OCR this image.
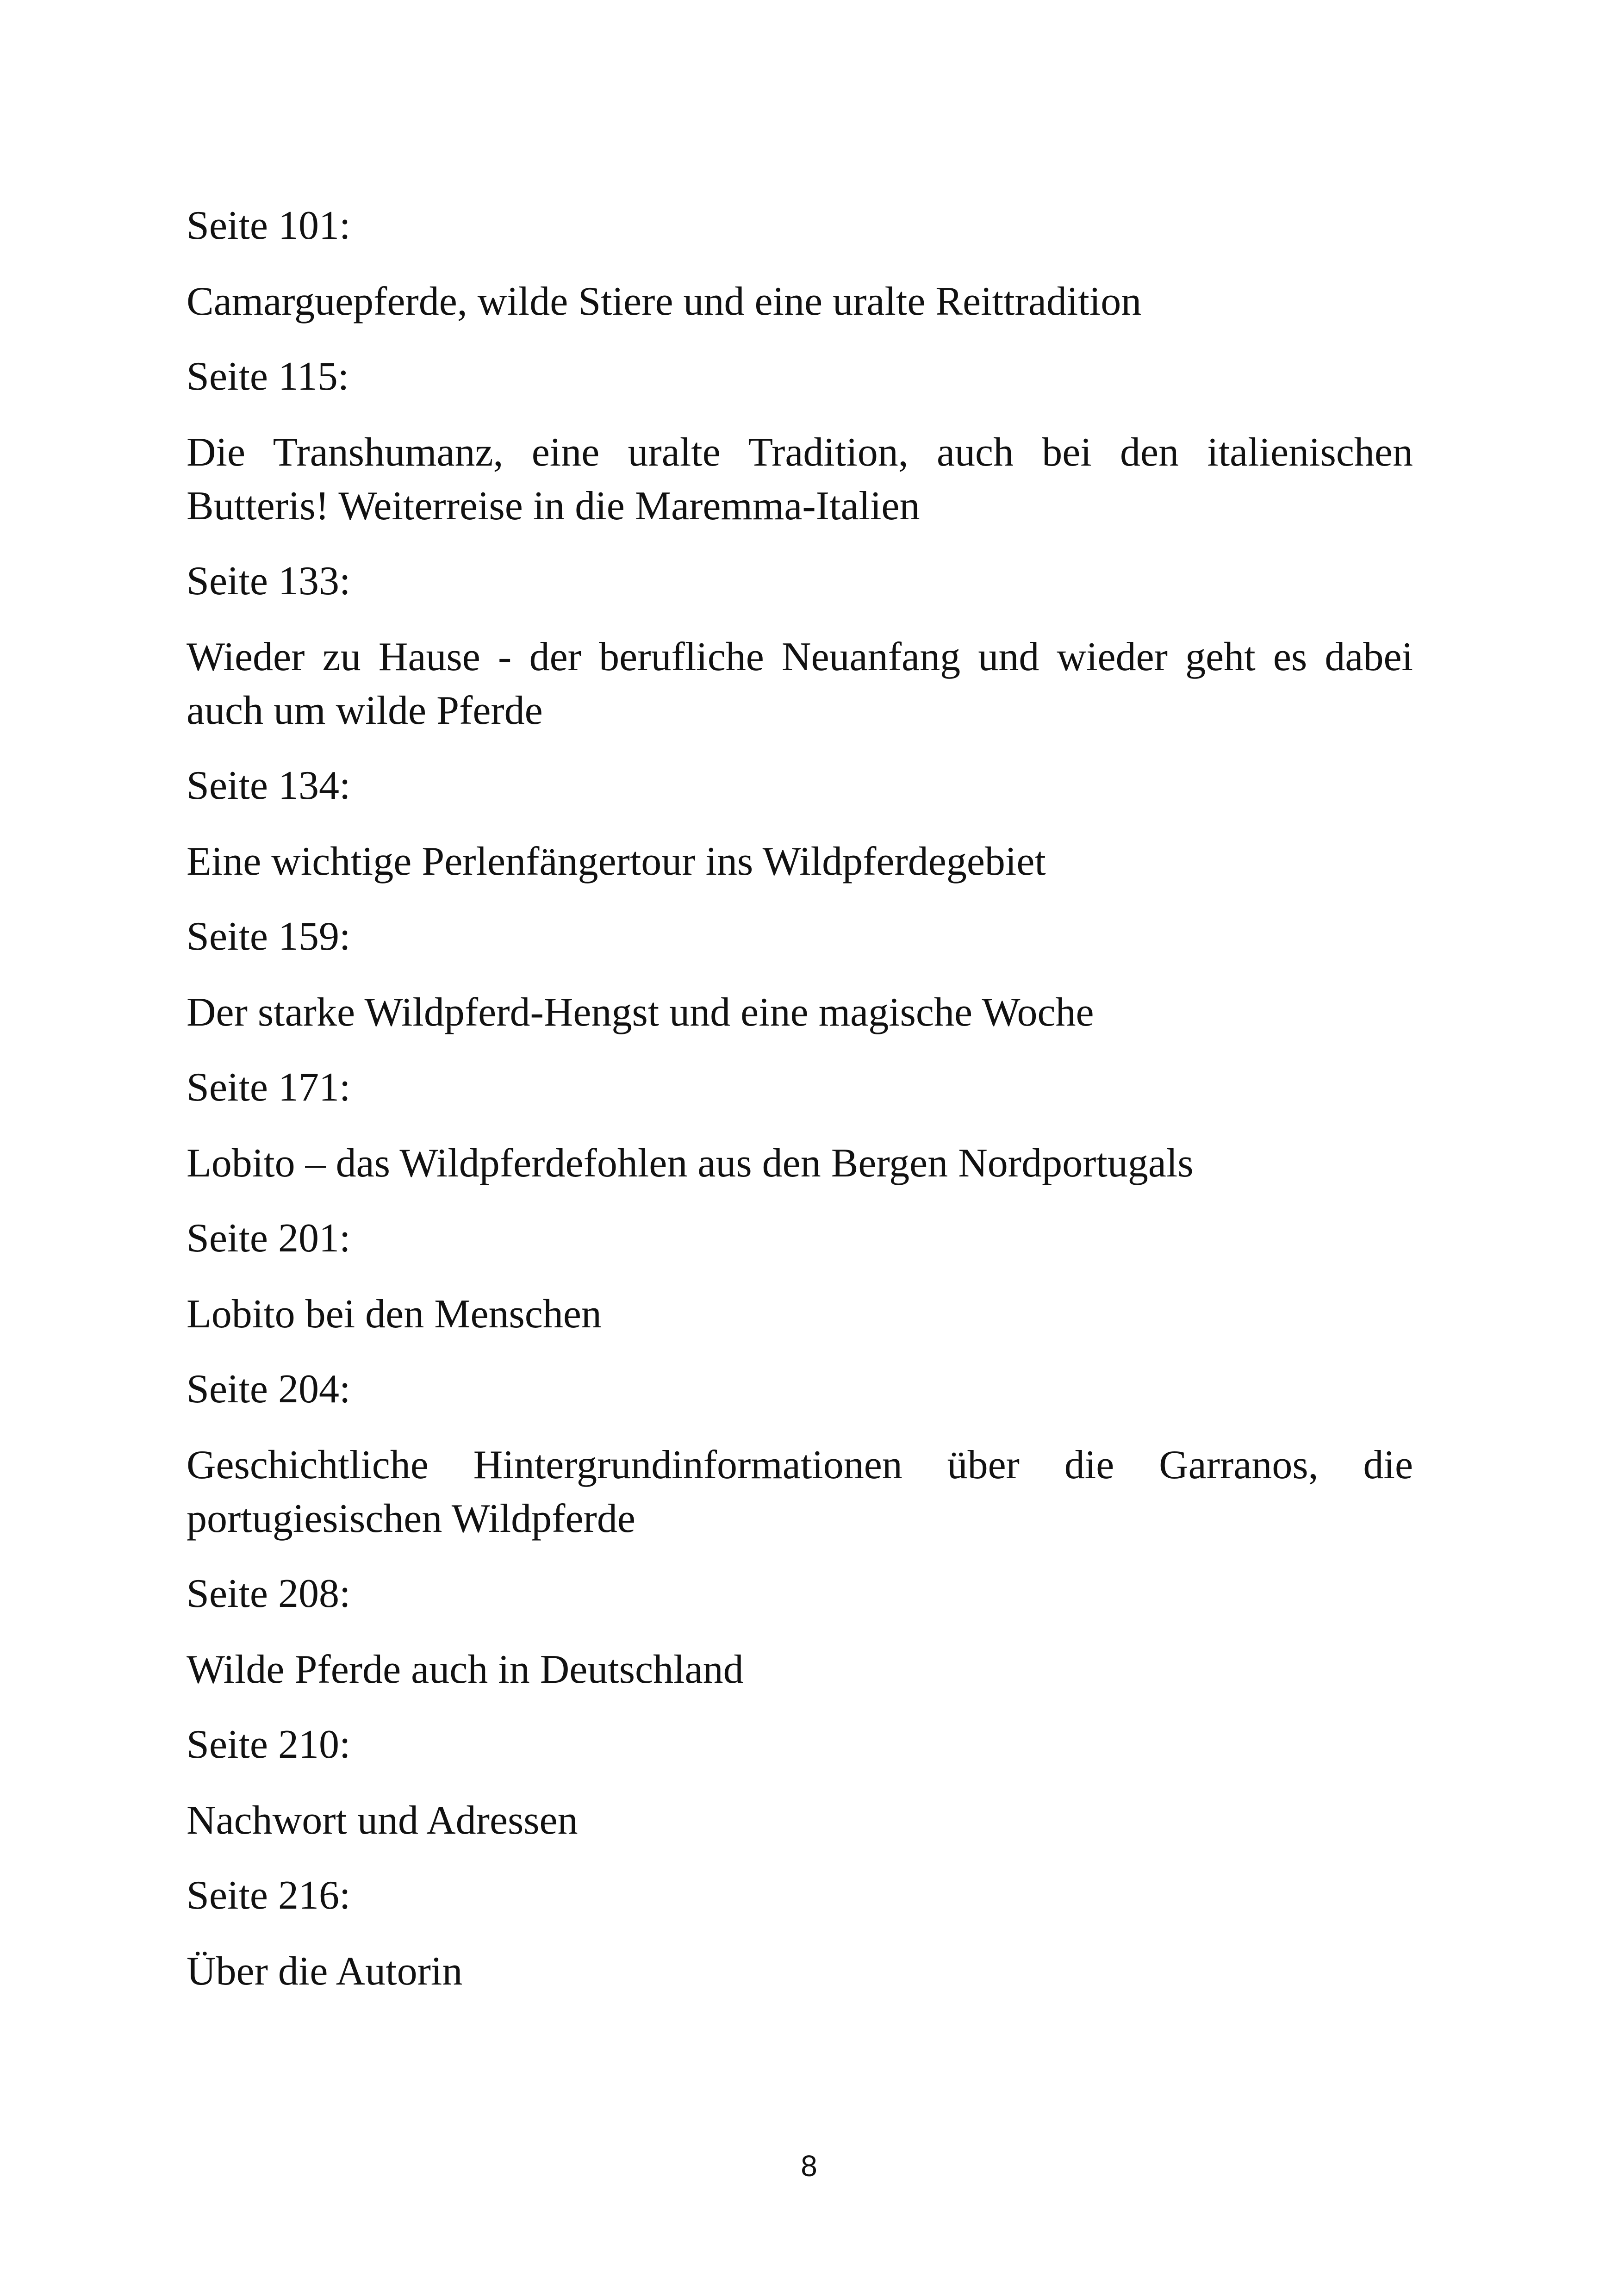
Seite 101:

Camarguepferde, wilde Stiere und eine uralte Reittradition

Seite 115:

Die Transhumanz, eine uralte Tradition, auch bei den italienischen Butteris! Weiterreise in die Maremma-Italien

Seite 133:

Wieder zu Hause - der berufliche Neuanfang und wieder geht es dabei auch um wilde Pferde

Seite 134:

Eine wichtige Perlenfängertour ins Wildpferdegebiet

Seite 159:

Der starke Wildpferd-Hengst und eine magische Woche

Seite 171:

Lobito – das Wildpferdefohlen aus den Bergen Nordportugals

Seite 201:

Lobito bei den Menschen

Seite 204:

Geschichtliche Hintergrundinformationen über die Garranos, die portugiesischen Wildpferde

Seite 208:

Wilde Pferde auch in Deutschland

Seite 210:

Nachwort und Adressen

Seite 216:

Über die Autorin

8
